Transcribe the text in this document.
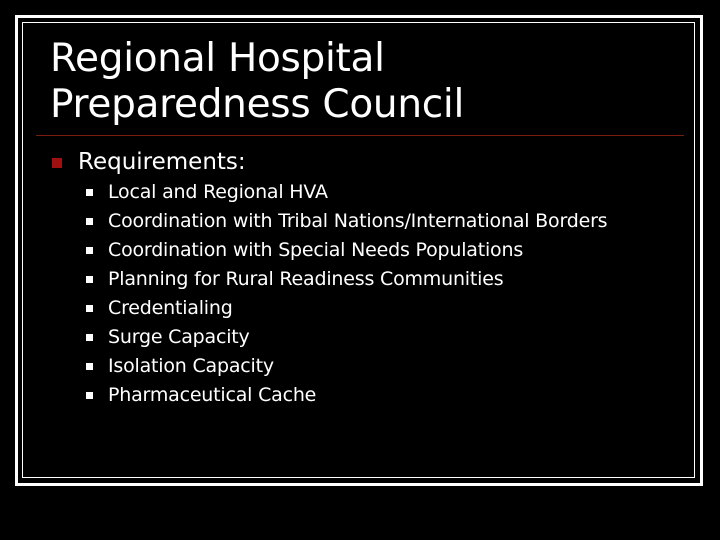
Regional Hospital
Preparedness Council
Requirements:
Local and Regional HVA
Coordination with Tribal Nations/International Borders
Coordination with Special Needs Populations
Planning for Rural Readiness Communities
Credentialing
Surge Capacity
Isolation Capacity
Pharmaceutical Cache
